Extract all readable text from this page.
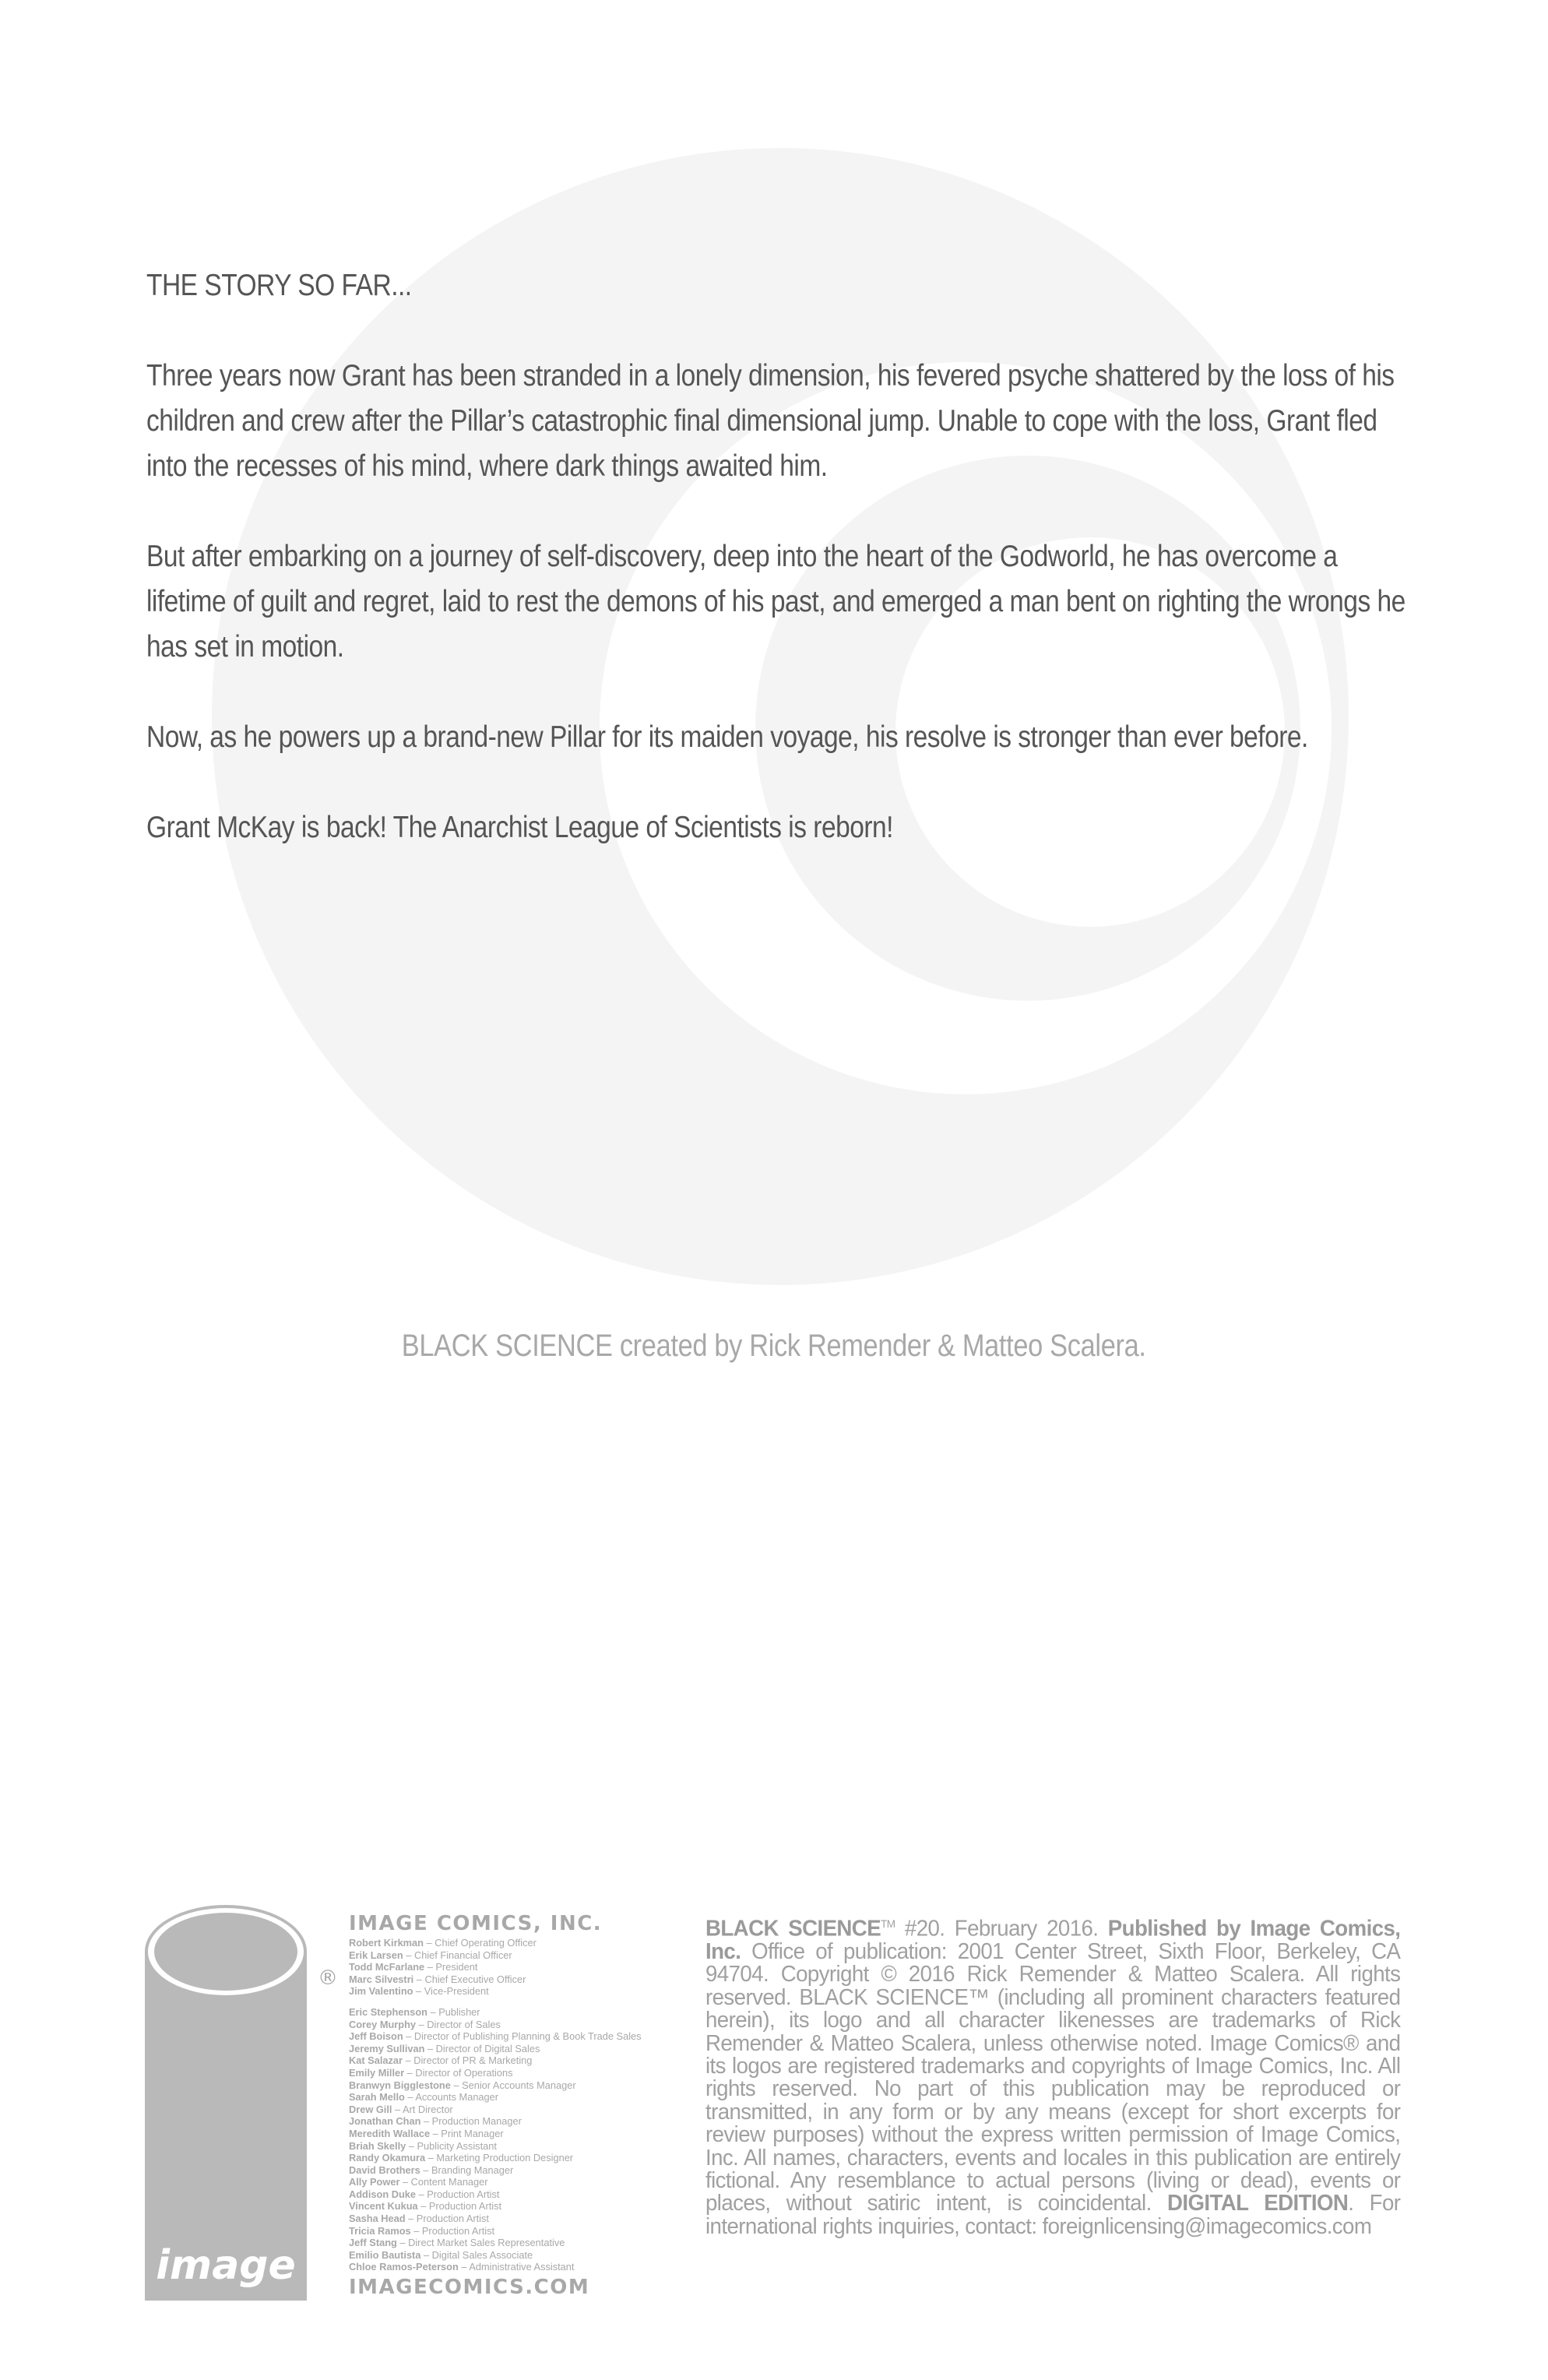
THE STORY SO FAR...

Three years now Grant has been stranded in a lonely dimension, his fevered psyche shattered by the loss of his children and crew after the Pillar’s catastrophic final dimensional jump. Unable to cope with the loss, Grant fled into the recesses of his mind, where dark things awaited him.

But after embarking on a journey of self-discovery, deep into the heart of the Godworld, he has overcome a lifetime of guilt and regret, laid to rest the demons of his past, and emerged a man bent on righting the wrongs he has set in motion.

Now, as he powers up a brand-new Pillar for its maiden voyage, his resolve is stronger than ever before.

Grant McKay is back! The Anarchist League of Scientists is reborn!

BLACK SCIENCE created by Rick Remender & Matteo Scalera.
image
®
IMAGE COMICS, INC.
Robert Kirkman – Chief Operating Officer
Erik Larsen – Chief Financial Officer
Todd McFarlane – President
Marc Silvestri – Chief Executive Officer
Jim Valentino – Vice-President
Eric Stephenson – Publisher
Corey Murphy – Director of Sales
Jeff Boison – Director of Publishing Planning & Book Trade Sales
Jeremy Sullivan – Director of Digital Sales
Kat Salazar – Director of PR & Marketing
Emily Miller – Director of Operations
Branwyn Bigglestone – Senior Accounts Manager
Sarah Mello – Accounts Manager
Drew Gill – Art Director
Jonathan Chan – Production Manager
Meredith Wallace – Print Manager
Briah Skelly – Publicity Assistant
Randy Okamura – Marketing Production Designer
David Brothers – Branding Manager
Ally Power – Content Manager
Addison Duke – Production Artist
Vincent Kukua – Production Artist
Sasha Head – Production Artist
Tricia Ramos – Production Artist
Jeff Stang – Direct Market Sales Representative
Emilio Bautista – Digital Sales Associate
Chloe Ramos-Peterson – Administrative Assistant
IMAGECOMICS.COM
BLACK SCIENCE™ #20. February 2016. Published by Image Comics, Inc. Office of publication: 2001 Center Street, Sixth Floor, Berkeley, CA 94704. Copyright © 2016 Rick Remender & Matteo Scalera. All rights reserved. BLACK SCIENCE™ (including all prominent characters featured herein), its logo and all character likenesses are trademarks of Rick Remender & Matteo Scalera, unless otherwise noted. Image Comics® and its logos are registered trademarks and copyrights of Image Comics, Inc. All rights reserved. No part of this publication may be reproduced or transmitted, in any form or by any means (except for short excerpts for review purposes) without the express written permission of Image Comics, Inc. All names, characters, events and locales in this publication are entirely fictional. Any resemblance to actual persons (living or dead), events or places, without satiric intent, is coincidental. DIGITAL EDITION. For international rights inquiries, contact: foreignlicensing@imagecomics.com
